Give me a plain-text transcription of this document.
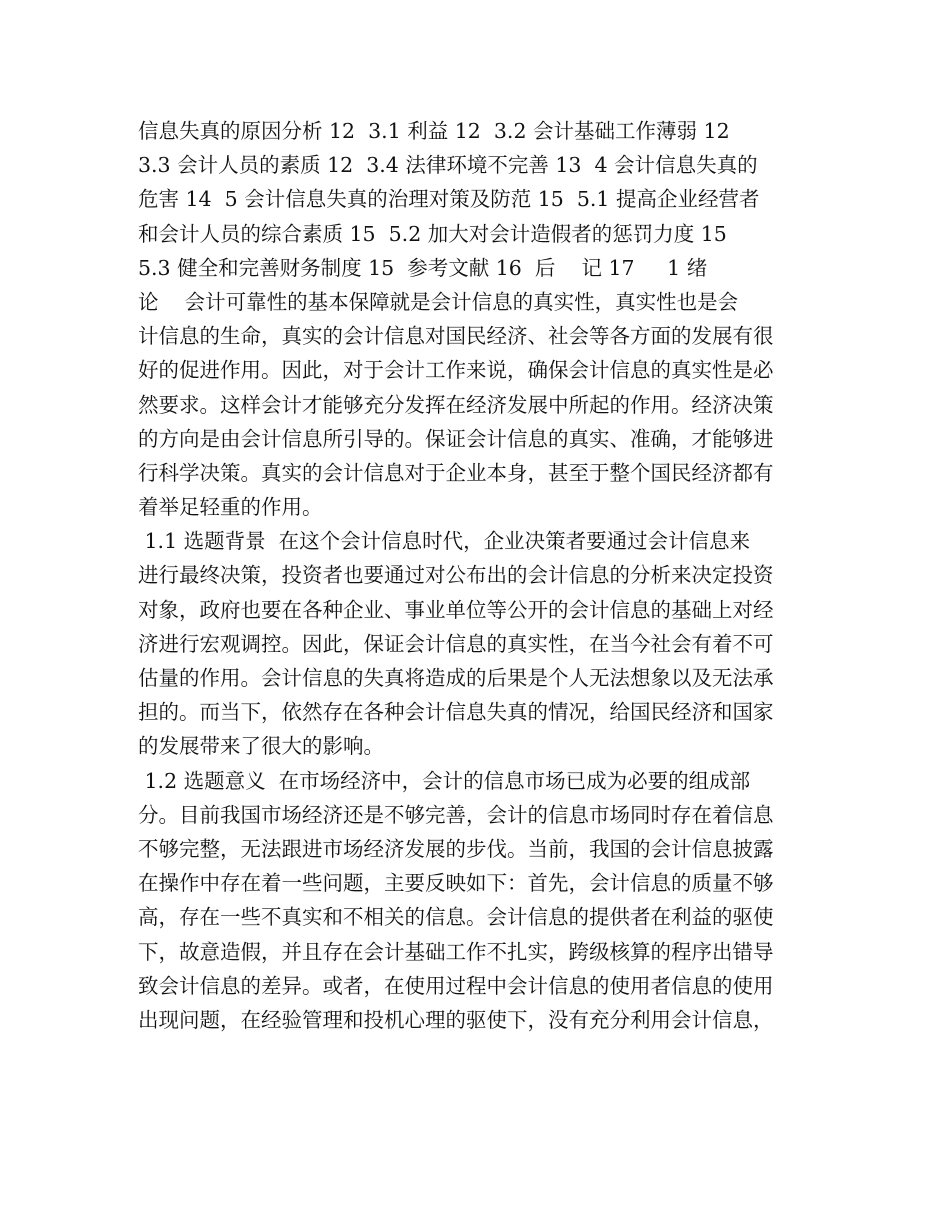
信息失真的原因分析 12  3.1 利益 12  3.2 会计基础工作薄弱 12
3.3 会计人员的素质 12  3.4 法律环境不完善 13  4 会计信息失真的
危害 14  5 会计信息失真的治理对策及防范 15  5.1 提高企业经营者
和会计人员的综合素质 15  5.2 加大对会计造假者的惩罚力度 15
5.3 健全和完善财务制度 15  参考文献 16  后    记 17     1 绪
论    会计可靠性的基本保障就是会计信息的真实性，真实性也是会
计信息的生命，真实的会计信息对国民经济、社会等各方面的发展有很
好的促进作用。因此，对于会计工作来说，确保会计信息的真实性是必
然要求。这样会计才能够充分发挥在经济发展中所起的作用。经济决策
的方向是由会计信息所引导的。保证会计信息的真实、准确，才能够进
行科学决策。真实的会计信息对于企业本身，甚至于整个国民经济都有
着举足轻重的作用。
1.1 选题背景  在这个会计信息时代，企业决策者要通过会计信息来
进行最终决策，投资者也要通过对公布出的会计信息的分析来决定投资
对象，政府也要在各种企业、事业单位等公开的会计信息的基础上对经
济进行宏观调控。因此，保证会计信息的真实性，在当今社会有着不可
估量的作用。会计信息的失真将造成的后果是个人无法想象以及无法承
担的。而当下，依然存在各种会计信息失真的情况，给国民经济和国家
的发展带来了很大的影响。
1.2 选题意义  在市场经济中，会计的信息市场已成为必要的组成部
分。目前我国市场经济还是不够完善，会计的信息市场同时存在着信息
不够完整，无法跟进市场经济发展的步伐。当前，我国的会计信息披露
在操作中存在着一些问题，主要反映如下：首先，会计信息的质量不够
高，存在一些不真实和不相关的信息。会计信息的提供者在利益的驱使
下，故意造假，并且存在会计基础工作不扎实，跨级核算的程序出错导
致会计信息的差异。或者，在使用过程中会计信息的使用者信息的使用
出现问题，在经验管理和投机心理的驱使下，没有充分利用会计信息，
